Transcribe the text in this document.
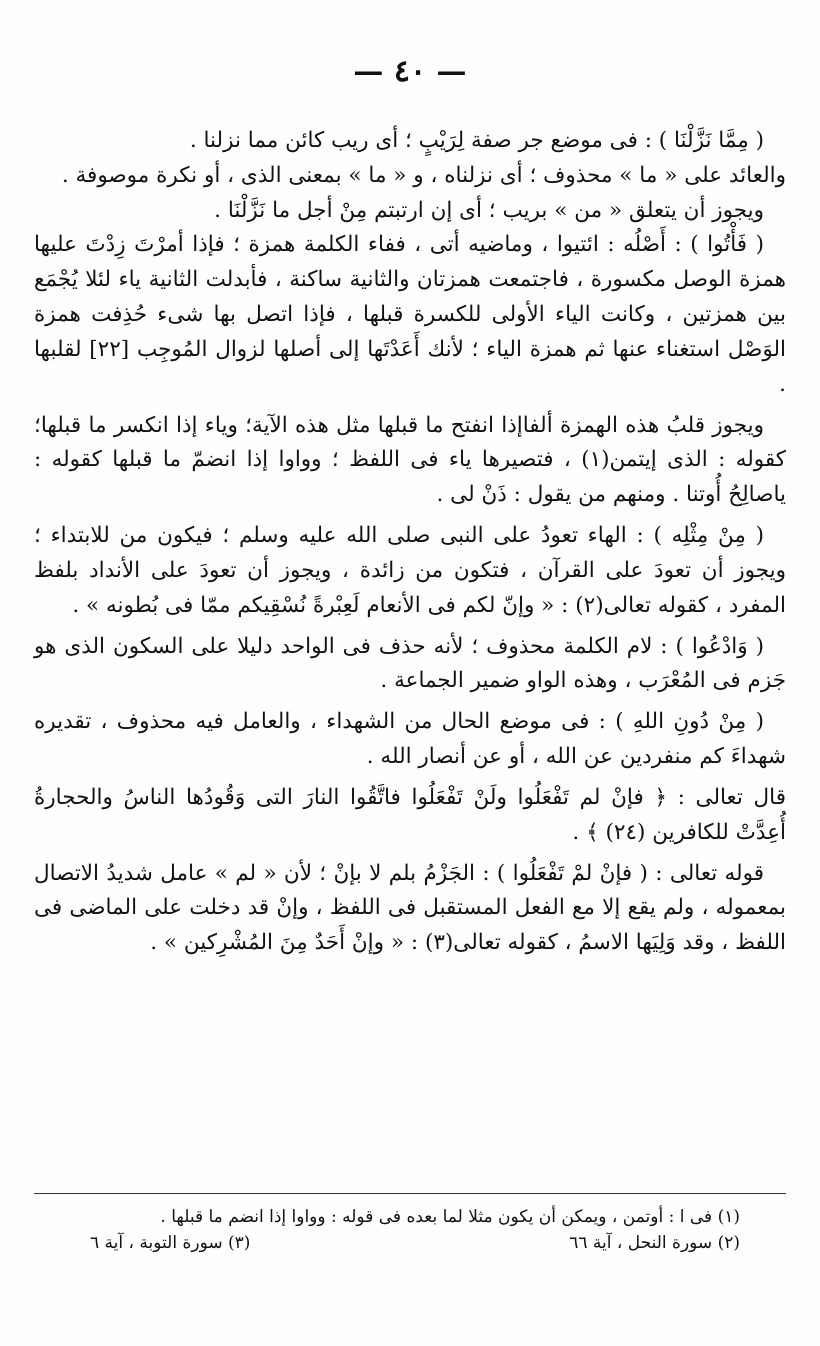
— ٤٠ —

( مِمَّا نَزَّلْنَا ) : فى موضع جر صفة لِرَيْبٍ ؛ أى ريب كائن مما نزلنا .

والعائد على « ما » محذوف ؛ أى نزلناه ، و « ما » بمعنى الذى ، أو نكرة موصوفة .

ويجوز أن يتعلق « من » بريب ؛ أى إن ارتبتم مِنْ أجل ما نَزَّلْنَا .

( فَأْتُوا ) : أَصْلُه : ائتيوا ، وماضيه أتى ، ففاء الكلمة همزة ؛ فإذا أمرْتَ زِدْتَ عليها همزة الوصل مكسورة ، فاجتمعت همزتان والثانية ساكنة ، فأبدلت الثانية ياء لئلا يُجْمَع بين همزتين ، وكانت الياء الأولى للكسرة قبلها ، فإذا اتصل بها شىء حُذِفت همزة الوَصْل استغناء عنها ثم همزة الياء ؛ لأنك أَعَدْتَها إلى أصلها لزوال المُوجِب [٢٢] لقلبها .

ويجوز قلبُ هذه الهمزة ألفاإذا انفتح ما قبلها مثل هذه الآية؛ وياء إذا انكسر ما قبلها؛ كقوله : الذى إيتمن(١) ، فتصيرها ياء فى اللفظ ؛ وواوا إذا انضمّ ما قبلها كقوله : ياصالِحُ أُوتنا . ومنهم من يقول : ذَنْ لى .

( مِنْ مِثْلِه ) : الهاء تعودُ على النبى صلى الله عليه وسلم ؛ فيكون من للابتداء ؛ ويجوز أن تعودَ على القرآن ، فتكون من زائدة ، ويجوز أن تعودَ على الأنداد بلفظ المفرد ، كقوله تعالى(٢) : « وإنّ لكم فى الأنعام لَعِبْرةً نُسْقِيكم ممّا فى بُطونه » .

( وَادْعُوا ) : لام الكلمة محذوف ؛ لأنه حذف فى الواحد دليلا على السكون الذى هو جَزم فى المُعْرَب ، وهذه الواو ضمير الجماعة .

( مِنْ دُونِ اللهِ ) : فى موضع الحال من الشهداء ، والعامل فيه محذوف ، تقديره شهداءَ كم منفردين عن الله ، أو عن أنصار الله .

قال تعالى : ﴿ فإنْ لم تَفْعَلُوا ولَنْ تَفْعَلُوا فاتَّقُوا النارَ التى وَقُودُها الناسُ والحجارةُ أُعِدَّتْ للكافرين (٢٤) ﴾ .

قوله تعالى : ( فإنْ لمْ تَفْعَلُوا ) : الجَزْمُ بلم لا بإنْ ؛ لأن « لم » عامل شديدُ الاتصال بمعموله ، ولم يقع إلا مع الفعل المستقبل فى اللفظ ، وإنْ قد دخلت على الماضى فى اللفظ ، وقد وَلِيَها الاسمُ ، كقوله تعالى(٣) : « وإنْ أَحَدٌ مِنَ المُشْرِكين » .

(١) فى ا : أوتمن ، ويمكن أن يكون مثلا لما بعده فى قوله : وواوا إذا انضم ما قبلها .

(٢) سورة النحل ، آية ٦٦
(٣) سورة التوبة ، آية ٦
